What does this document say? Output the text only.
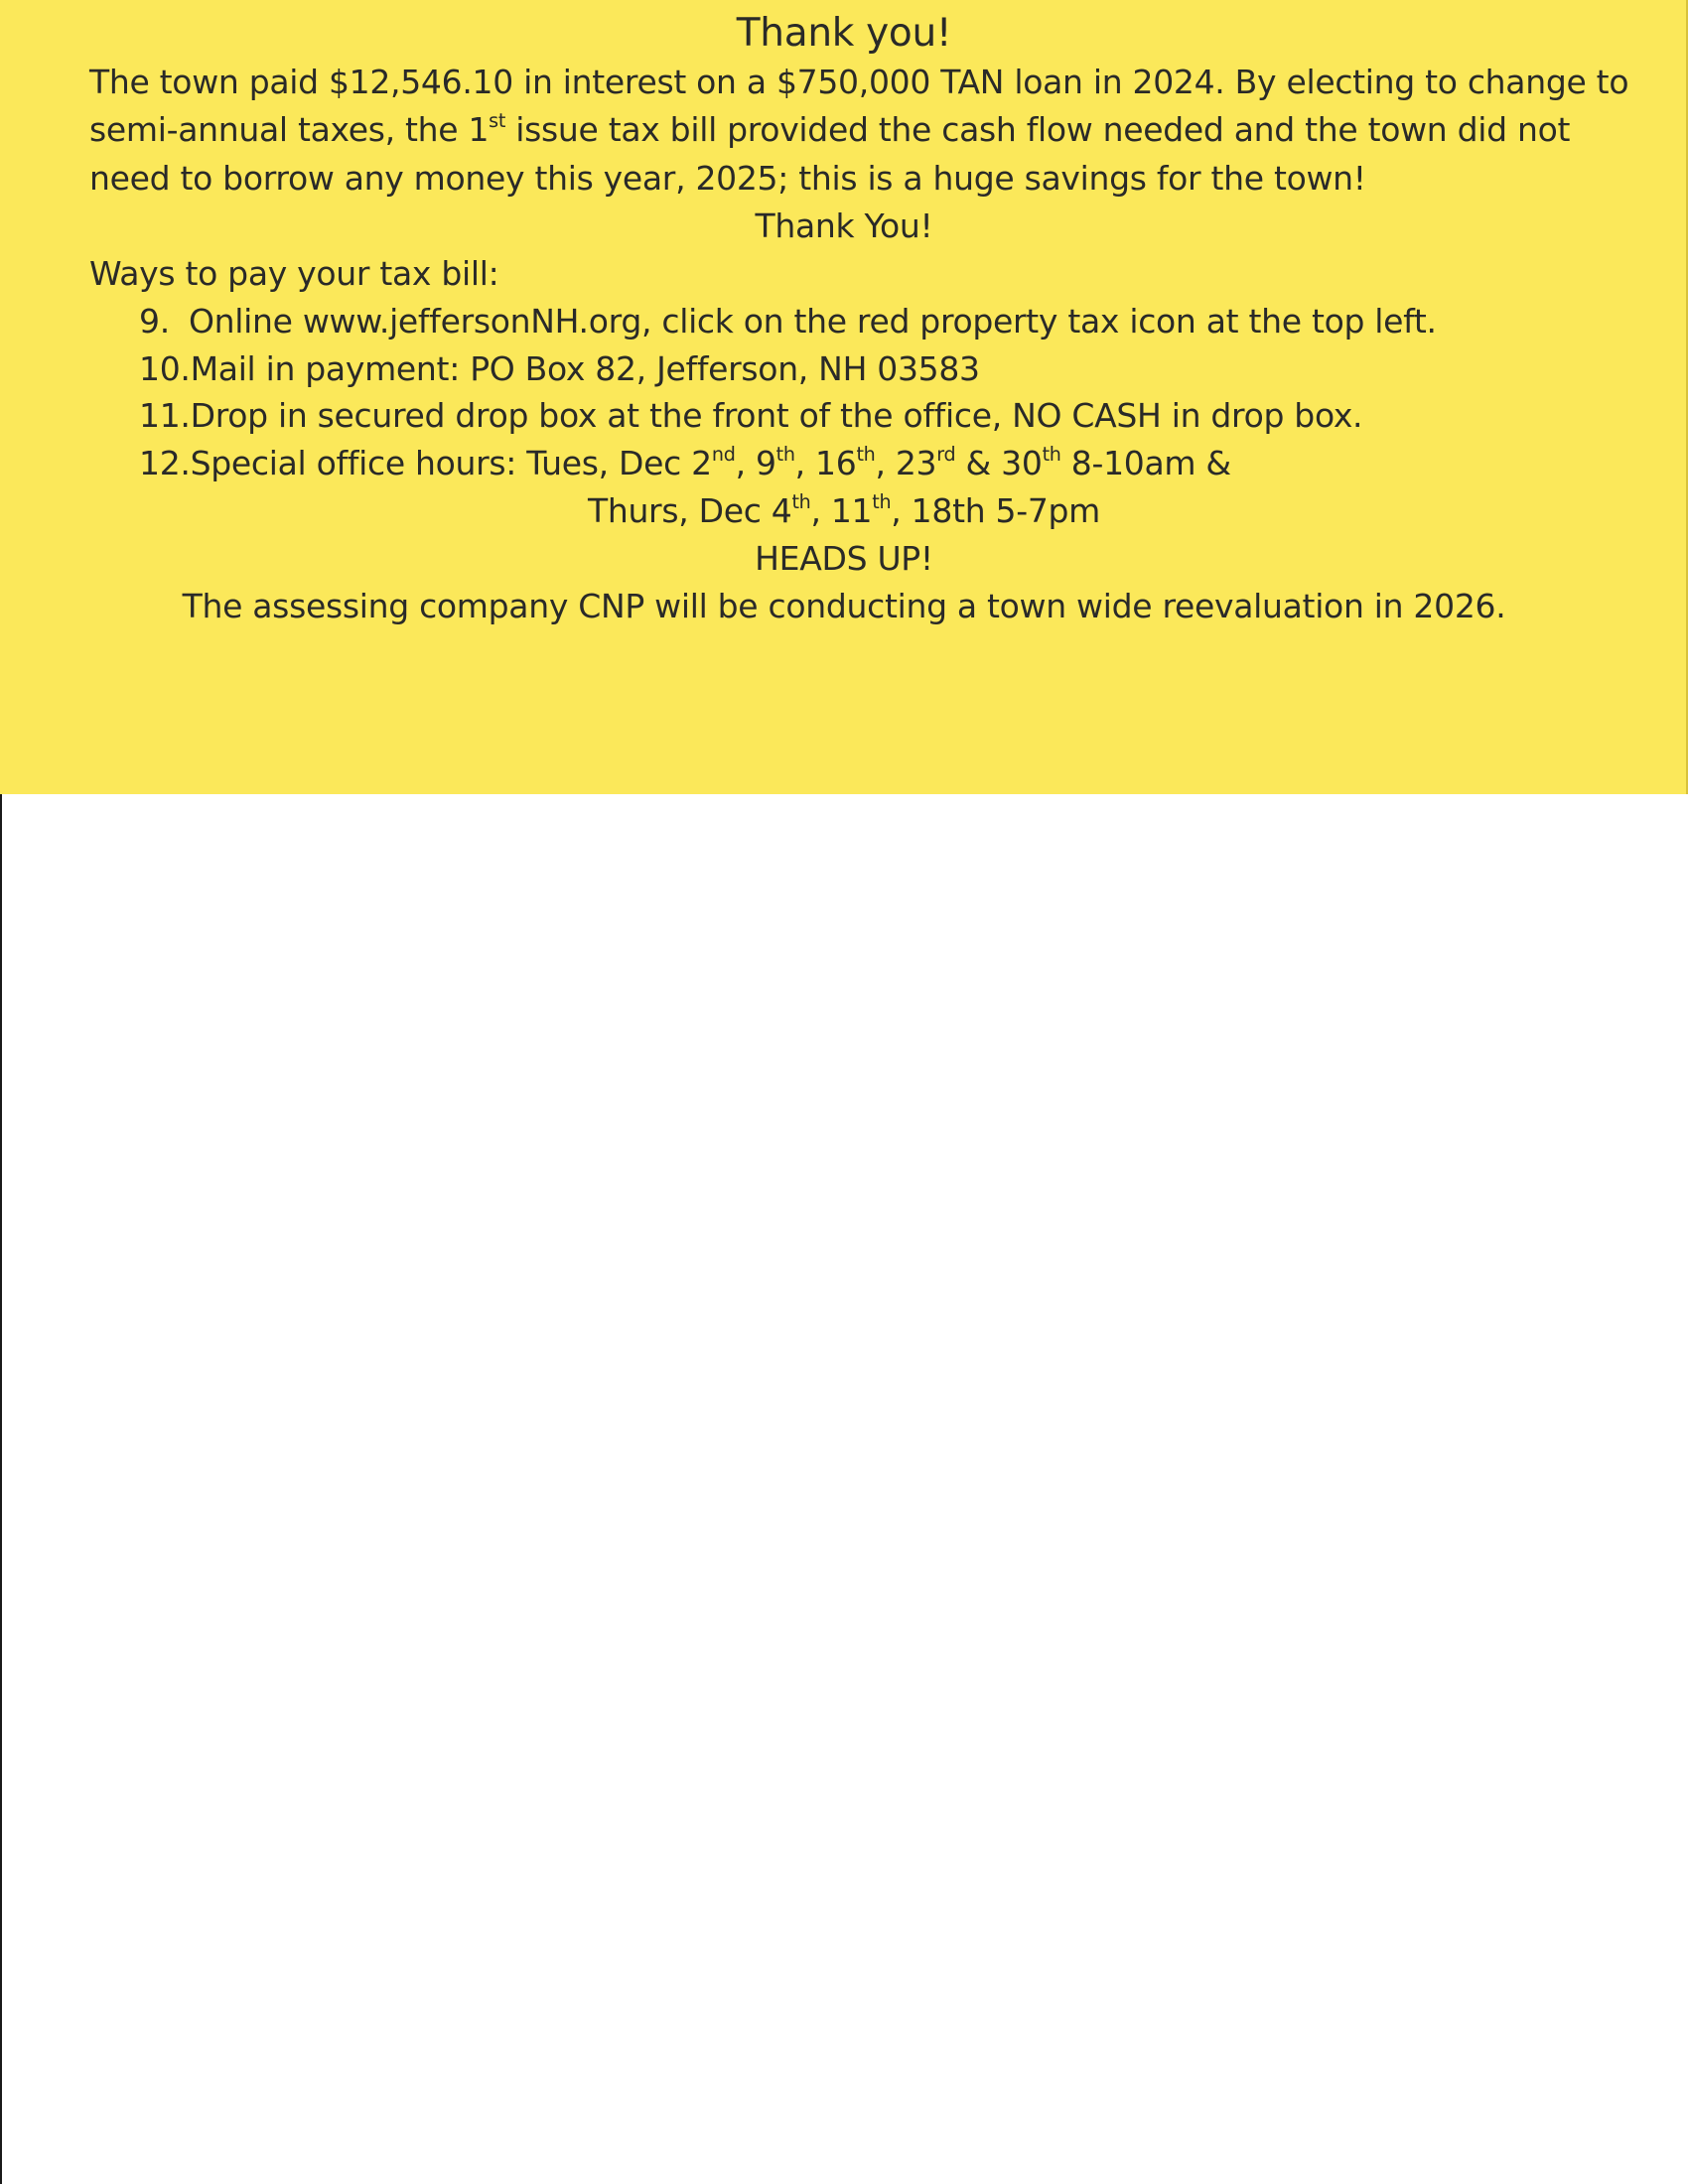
Thank you!
The town paid $12,546.10 in interest on a $750,000 TAN loan in 2024. By electing to change to
semi-annual taxes, the 1st issue tax bill provided the cash flow needed and the town did not
need to borrow any money this year, 2025; this is a huge savings for the town!
Thank You!
Ways to pay your tax bill:
9. Online www.jeffersonNH.org, click on the red property tax icon at the top left.
10.Mail in payment: PO Box 82, Jefferson, NH 03583
11.Drop in secured drop box at the front of the office, NO CASH in drop box.
12.Special office hours: Tues, Dec 2nd, 9th, 16th, 23rd & 30th 8-10am &
Thurs, Dec 4th, 11th, 18th 5-7pm
HEADS UP!
The assessing company CNP will be conducting a town wide reevaluation in 2026.
